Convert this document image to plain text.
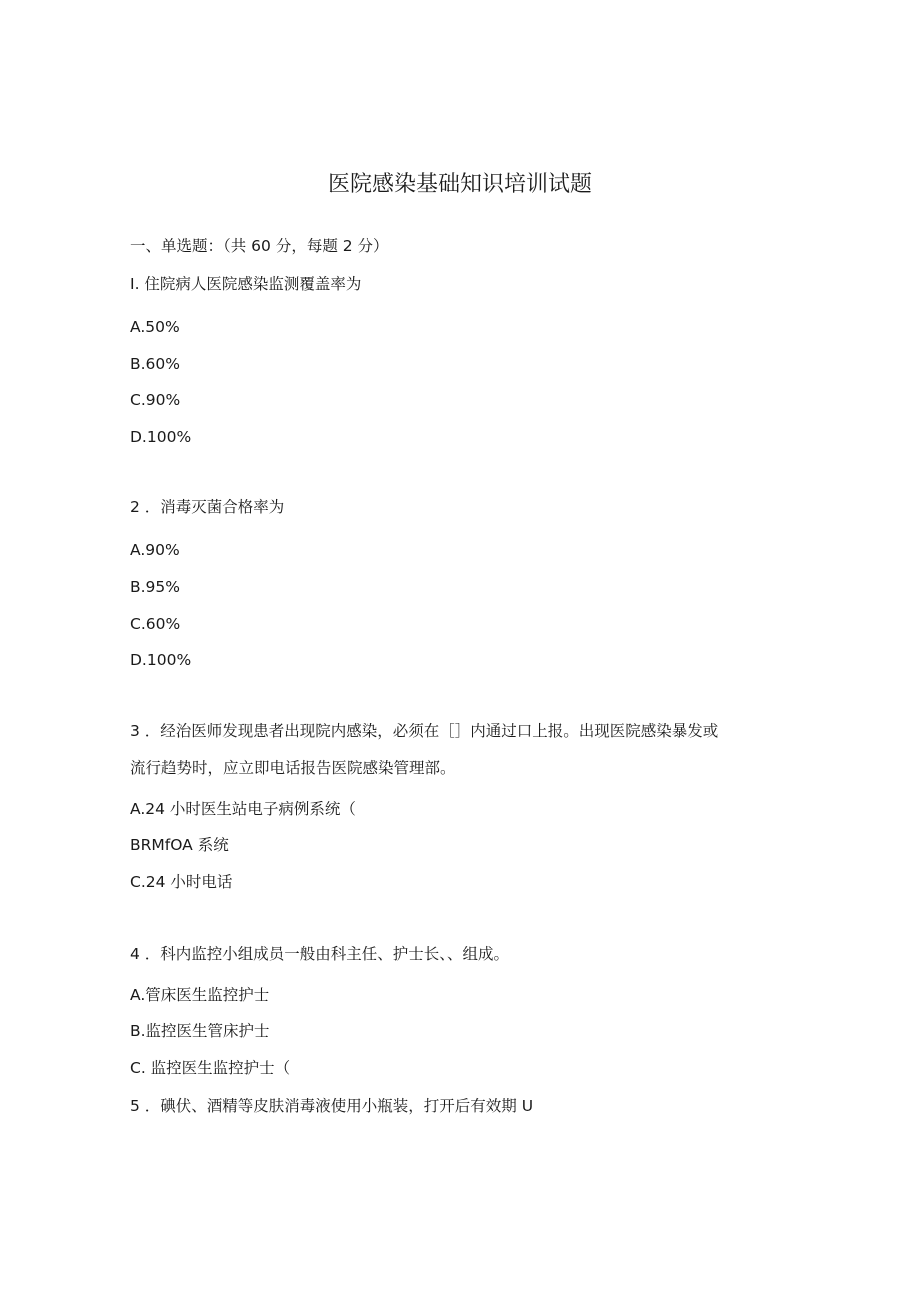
医院感染基础知识培训试题
一、单选题：（共 60 分，每题 2 分）
I. 住院病人医院感染监测覆盖率为
A.50%
B.60%
C.90%
D.100%
2 ．消毒灭菌合格率为
A.90%
B.95%
C.60%
D.100%
3 ．经治医师发现患者出现院内感染，必须在［］内通过口上报。出现医院感染暴发或
流行趋势时，应立即电话报告医院感染管理部。
A.24 小时医生站电子病例系统（
BRMfOA 系统
C.24 小时电话
4 ．科内监控小组成员一般由科主任、护士长、、组成。
A.管床医生监控护士
B.监控医生管床护士
C. 监控医生监控护士（
5 ．碘伏、酒精等皮肤消毒液使用小瓶装，打开后有效期 U
